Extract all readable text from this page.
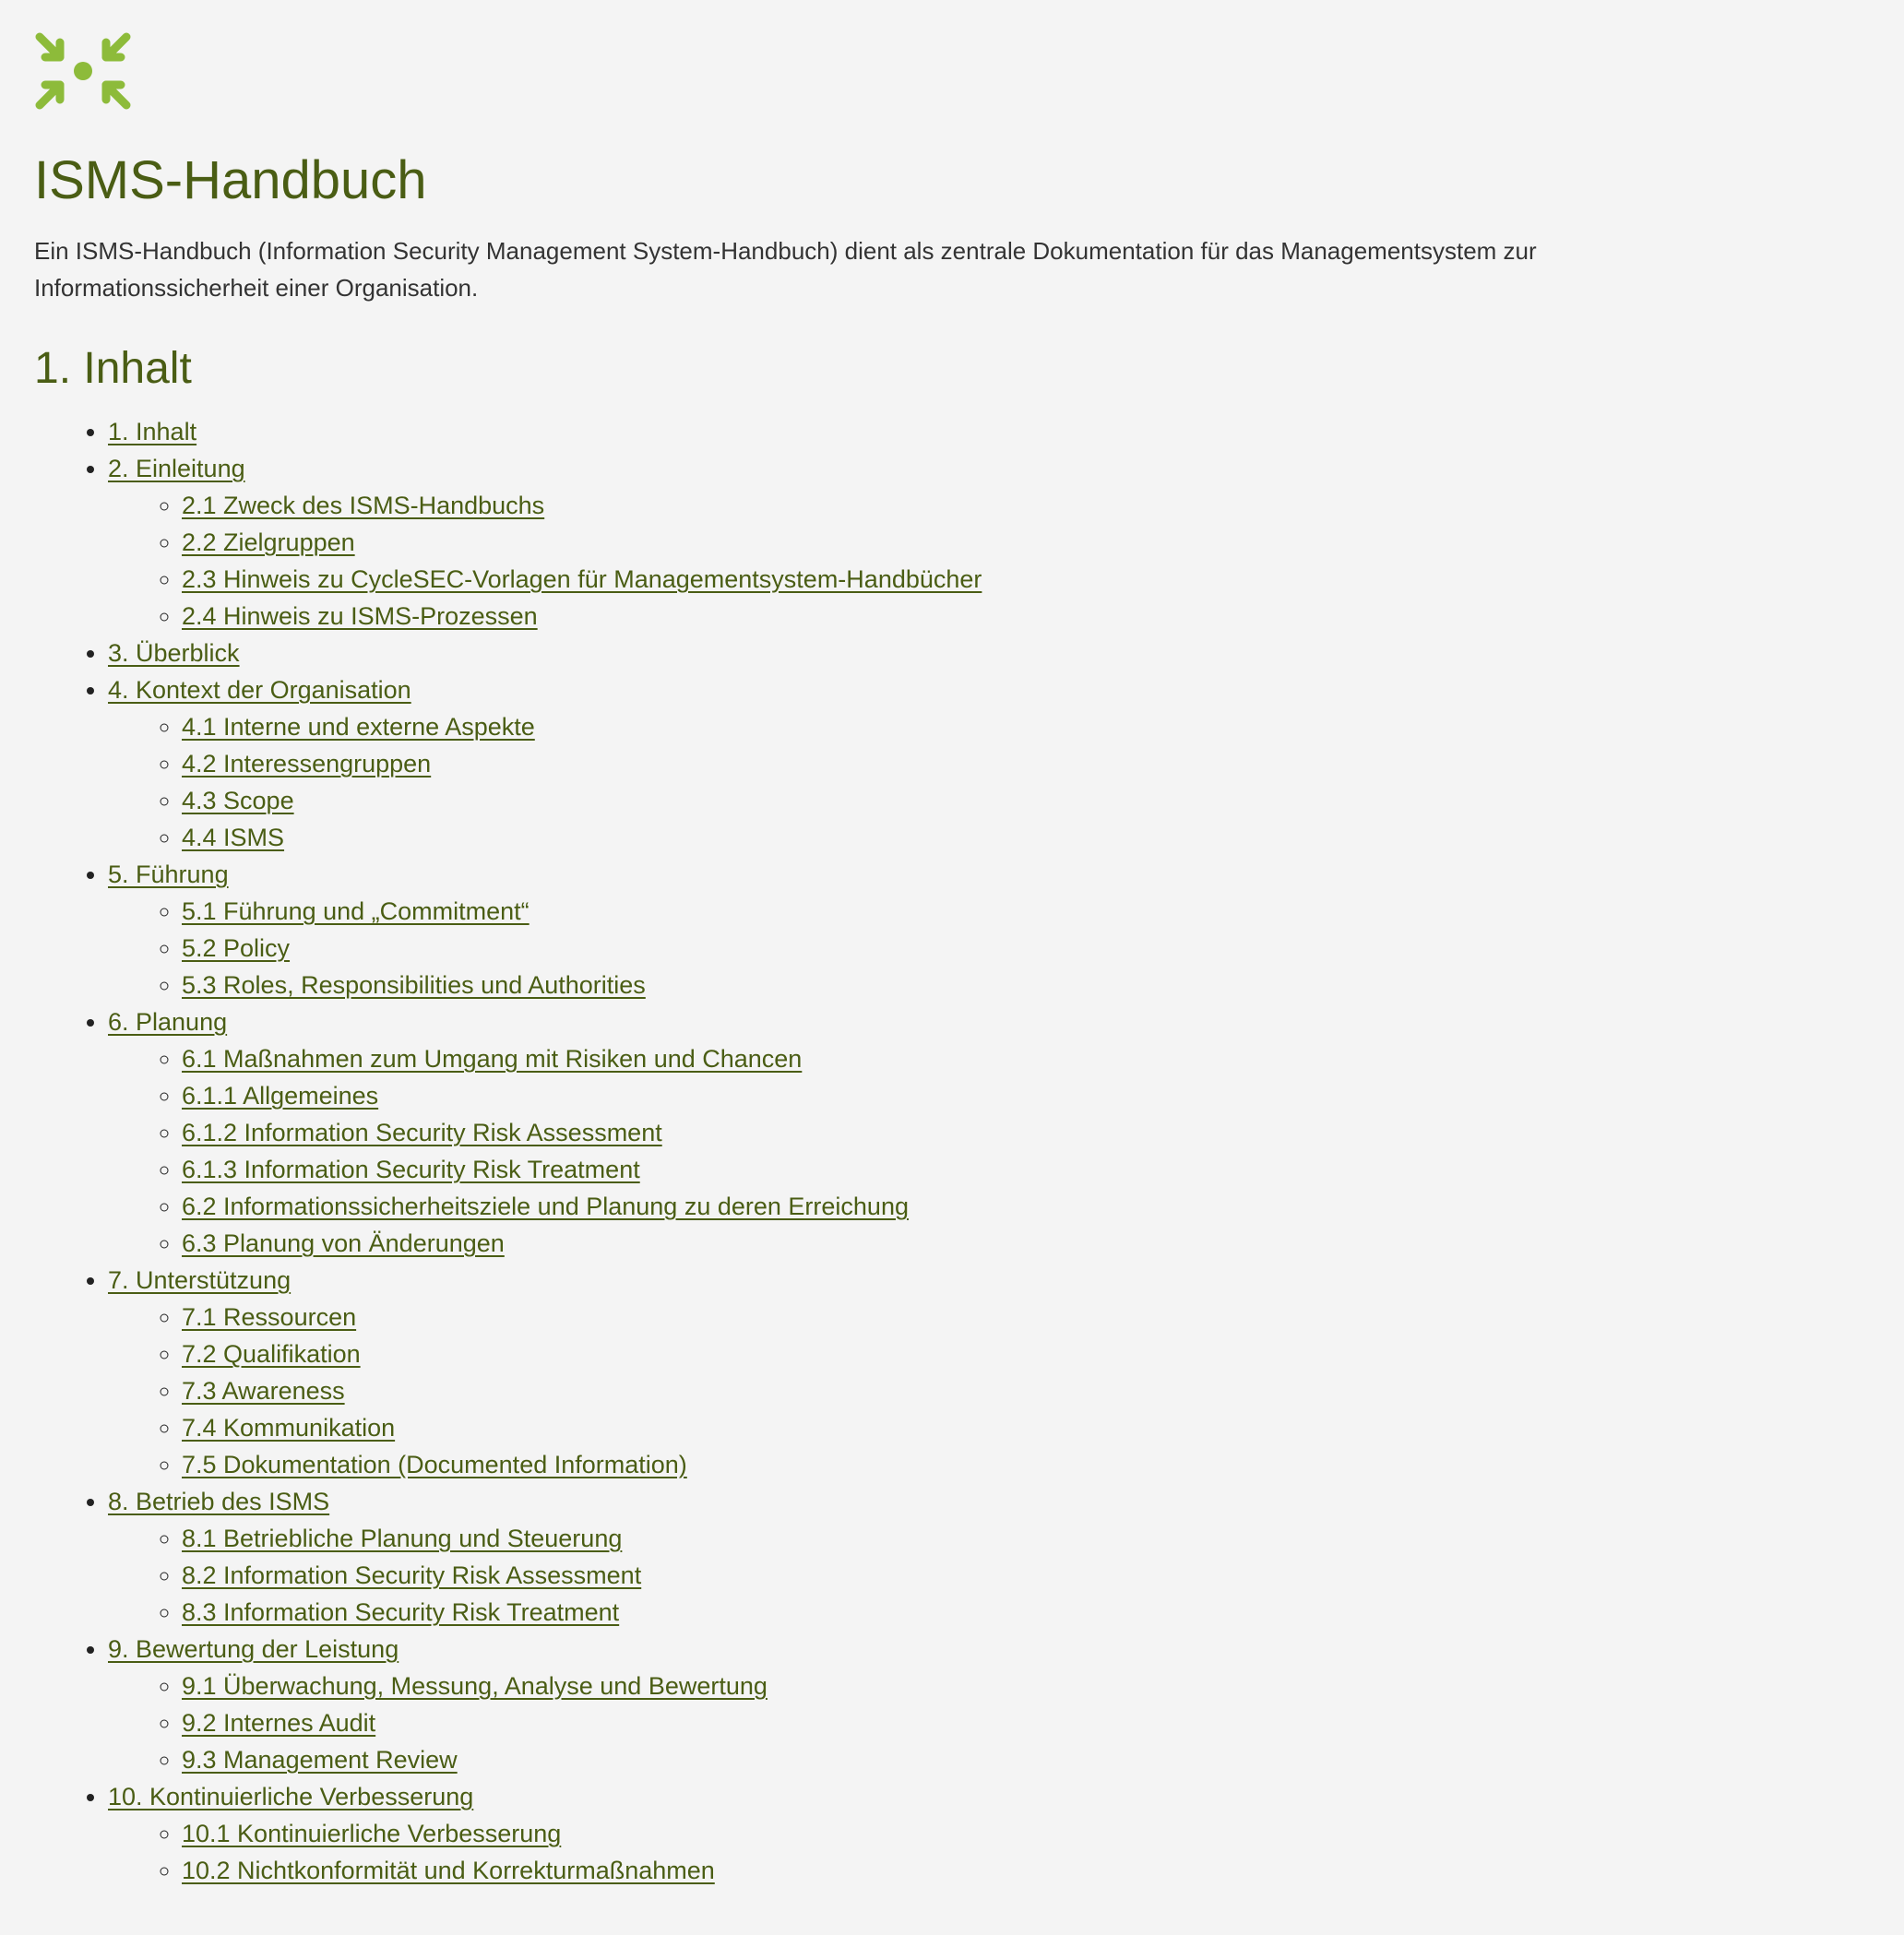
ISMS-Handbuch

Ein ISMS-Handbuch (Information Security Management System-Handbuch) dient als zentrale Dokumentation für das Managementsystem zur Informationssicherheit einer Organisation.

1. Inhalt
• 1. Inhalt
• 2. Einleitung
◦ 2.1 Zweck des ISMS-Handbuchs
◦ 2.2 Zielgruppen
◦ 2.3 Hinweis zu CycleSEC-Vorlagen für Managementsystem-Handbücher
◦ 2.4 Hinweis zu ISMS-Prozessen
• 3. Überblick
• 4. Kontext der Organisation
◦ 4.1 Interne und externe Aspekte
◦ 4.2 Interessengruppen
◦ 4.3 Scope
◦ 4.4 ISMS
• 5. Führung
◦ 5.1 Führung und „Commitment“
◦ 5.2 Policy
◦ 5.3 Roles, Responsibilities und Authorities
• 6. Planung
◦ 6.1 Maßnahmen zum Umgang mit Risiken und Chancen
◦ 6.1.1 Allgemeines
◦ 6.1.2 Information Security Risk Assessment
◦ 6.1.3 Information Security Risk Treatment
◦ 6.2 Informationssicherheitsziele und Planung zu deren Erreichung
◦ 6.3 Planung von Änderungen
• 7. Unterstützung
◦ 7.1 Ressourcen
◦ 7.2 Qualifikation
◦ 7.3 Awareness
◦ 7.4 Kommunikation
◦ 7.5 Dokumentation (Documented Information)
• 8. Betrieb des ISMS
◦ 8.1 Betriebliche Planung und Steuerung
◦ 8.2 Information Security Risk Assessment
◦ 8.3 Information Security Risk Treatment
• 9. Bewertung der Leistung
◦ 9.1 Überwachung, Messung, Analyse und Bewertung
◦ 9.2 Internes Audit
◦ 9.3 Management Review
• 10. Kontinuierliche Verbesserung
◦ 10.1 Kontinuierliche Verbesserung
◦ 10.2 Nichtkonformität und Korrekturmaßnahmen
